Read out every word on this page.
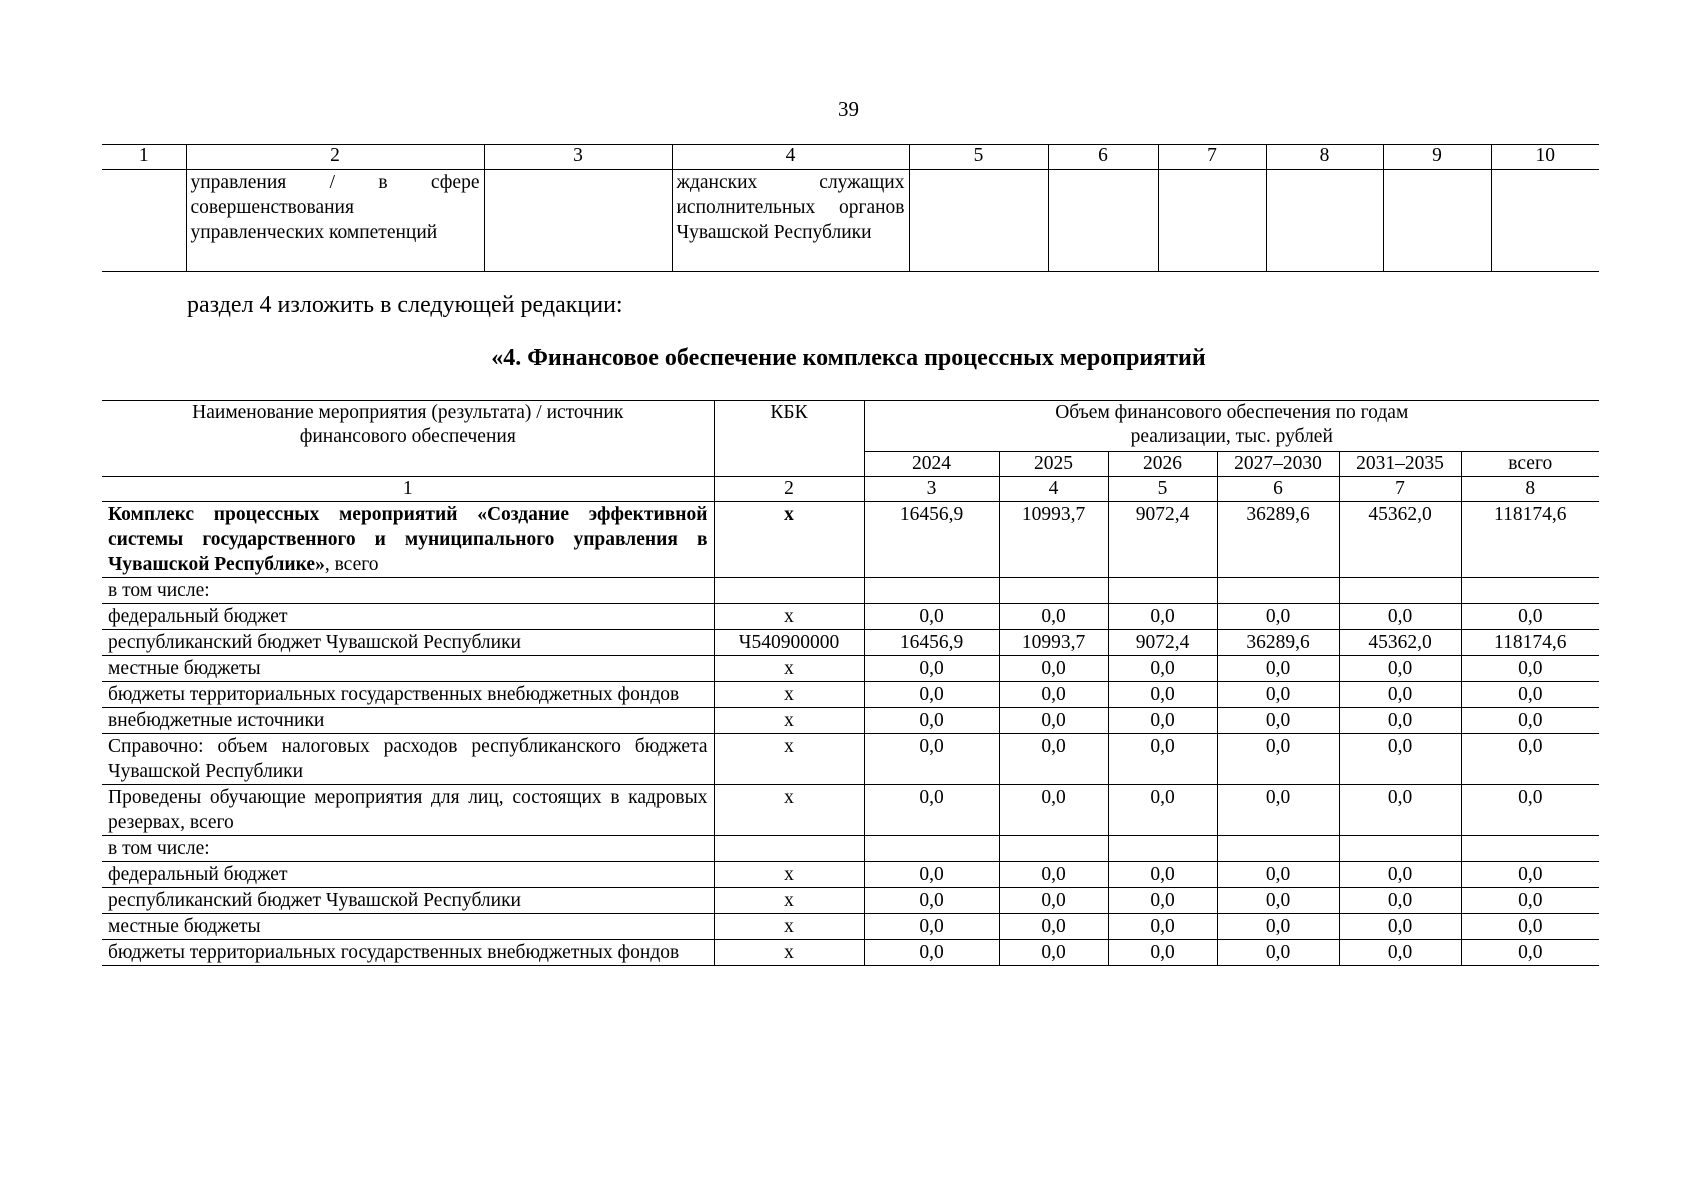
39
1	2	3	4	5	6	7	8	9	10
	управления / в сфере совершенствования управленческих компетенций		жданских служащих исполнительных органов Чувашской Республики						
раздел 4 изложить в следующей редакции:
«4. Финансовое обеспечение комплекса процессных мероприятий
Наименование мероприятия (результата) / источник финансового обеспечения	КБК	Объем финансового обеспечения по годам реализации, тыс. рублей					
		2024	2025	2026	2027–2030	2031–2035	всего
1	2	3	4	5	6	7	8
Комплекс процессных мероприятий «Создание эффективной системы государственного и муниципального управления в Чувашской Республике», всего	х	16456,9	10993,7	9072,4	36289,6	45362,0	118174,6
в том числе:							
федеральный бюджет	х	0,0	0,0	0,0	0,0	0,0	0,0
республиканский бюджет Чувашской Республики	Ч540900000	16456,9	10993,7	9072,4	36289,6	45362,0	118174,6
местные бюджеты	х	0,0	0,0	0,0	0,0	0,0	0,0
бюджеты территориальных государственных внебюджетных фондов	х	0,0	0,0	0,0	0,0	0,0	0,0
внебюджетные источники	х	0,0	0,0	0,0	0,0	0,0	0,0
Справочно: объем налоговых расходов республиканского бюджета Чувашской Республики	х	0,0	0,0	0,0	0,0	0,0	0,0
Проведены обучающие мероприятия для лиц, состоящих в кадровых резервах, всего	х	0,0	0,0	0,0	0,0	0,0	0,0
в том числе:							
федеральный бюджет	х	0,0	0,0	0,0	0,0	0,0	0,0
республиканский бюджет Чувашской Республики	х	0,0	0,0	0,0	0,0	0,0	0,0
местные бюджеты	х	0,0	0,0	0,0	0,0	0,0	0,0
бюджеты территориальных государственных внебюджетных фондов	х	0,0	0,0	0,0	0,0	0,0	0,0
